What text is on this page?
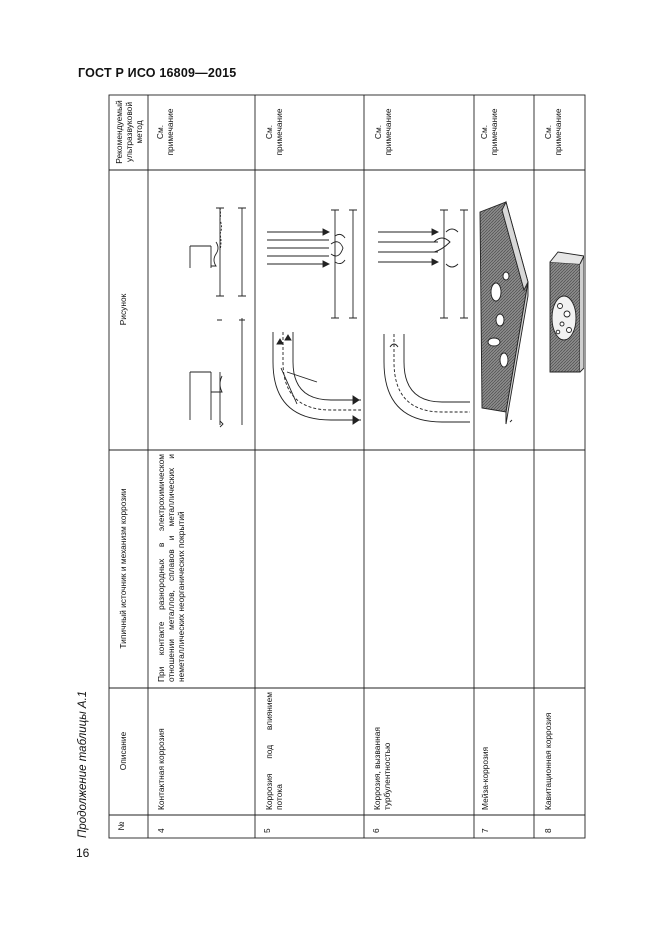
ГОСТ Р ИСО 16809—2015
Продолжение таблицы А.1
16
№
Описание
Типичный источник и механизм коррозии
Рисунок
Рекомендуемый ультразвуковой метод
4
Контактная коррозия
При контакте разнородных в электрохимическом отношении металлов, сплавов и металлических и неметаллических неорганических покрытий
См. примечание
5
Коррозия под влиянием потока
См. примечание
6
Коррозия, вызванная турбулентностью
См. примечание
7
Мейза-коррозия
См. примечание
8
Кавитационная коррозия
См. примечание
